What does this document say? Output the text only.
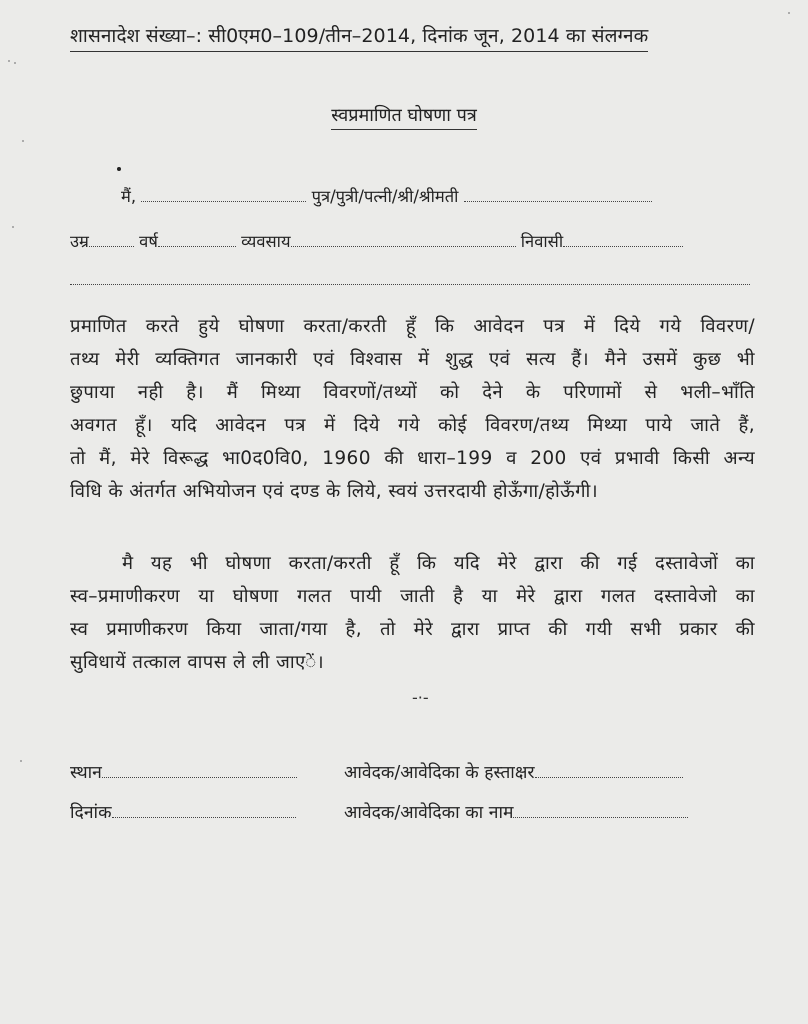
शासनादेश संख्या–: सी0एम0–109/तीन–2014, दिनांक जून, 2014 का संलग्नक
स्वप्रमाणित घोषणा पत्र
मैं,	पुत्र/पुत्री/पत्नी/श्री/श्रीमती
उम्र	वर्ष	व्यवसाय	निवासी
प्रमाणित करते हुये घोषणा करता/करती हूँ कि आवेदन पत्र में दिये गये विवरण/
तथ्य मेरी व्यक्तिगत जानकारी एवं विश्वास में शुद्ध एवं सत्य हैं। मैने उसमें कुछ भी
छुपाया नही है। मैं मिथ्या विवरणों/तथ्यों को देने के परिणामों से भली–भाँति
अवगत हूँ। यदि आवेदन पत्र में दिये गये कोई विवरण/तथ्य मिथ्या पाये जाते हैं,
तो मैं, मेरे विरूद्ध भा0द0वि0, 1960 की धारा–199 व 200 एवं प्रभावी किसी अन्य
विधि के अंतर्गत अभियोजन एवं दण्ड के लिये, स्वयं उत्तरदायी होऊँगा/होऊँगी।
मै यह भी घोषणा करता/करती हूँ कि यदि मेरे द्वारा की गई दस्तावेजों का
स्व–प्रमाणीकरण या घोषणा गलत पायी जाती है या मेरे द्वारा गलत दस्तावेजो का
स्व प्रमाणीकरण किया जाता/गया है, तो मेरे द्वारा प्राप्त की गयी सभी प्रकार की
सुविधायें तत्काल वापस ले ली जाएें।
-·-
स्थान	आवेदक/आवेदिका के हस्ताक्षर
दिनांक	आवेदक/आवेदिका का नाम
